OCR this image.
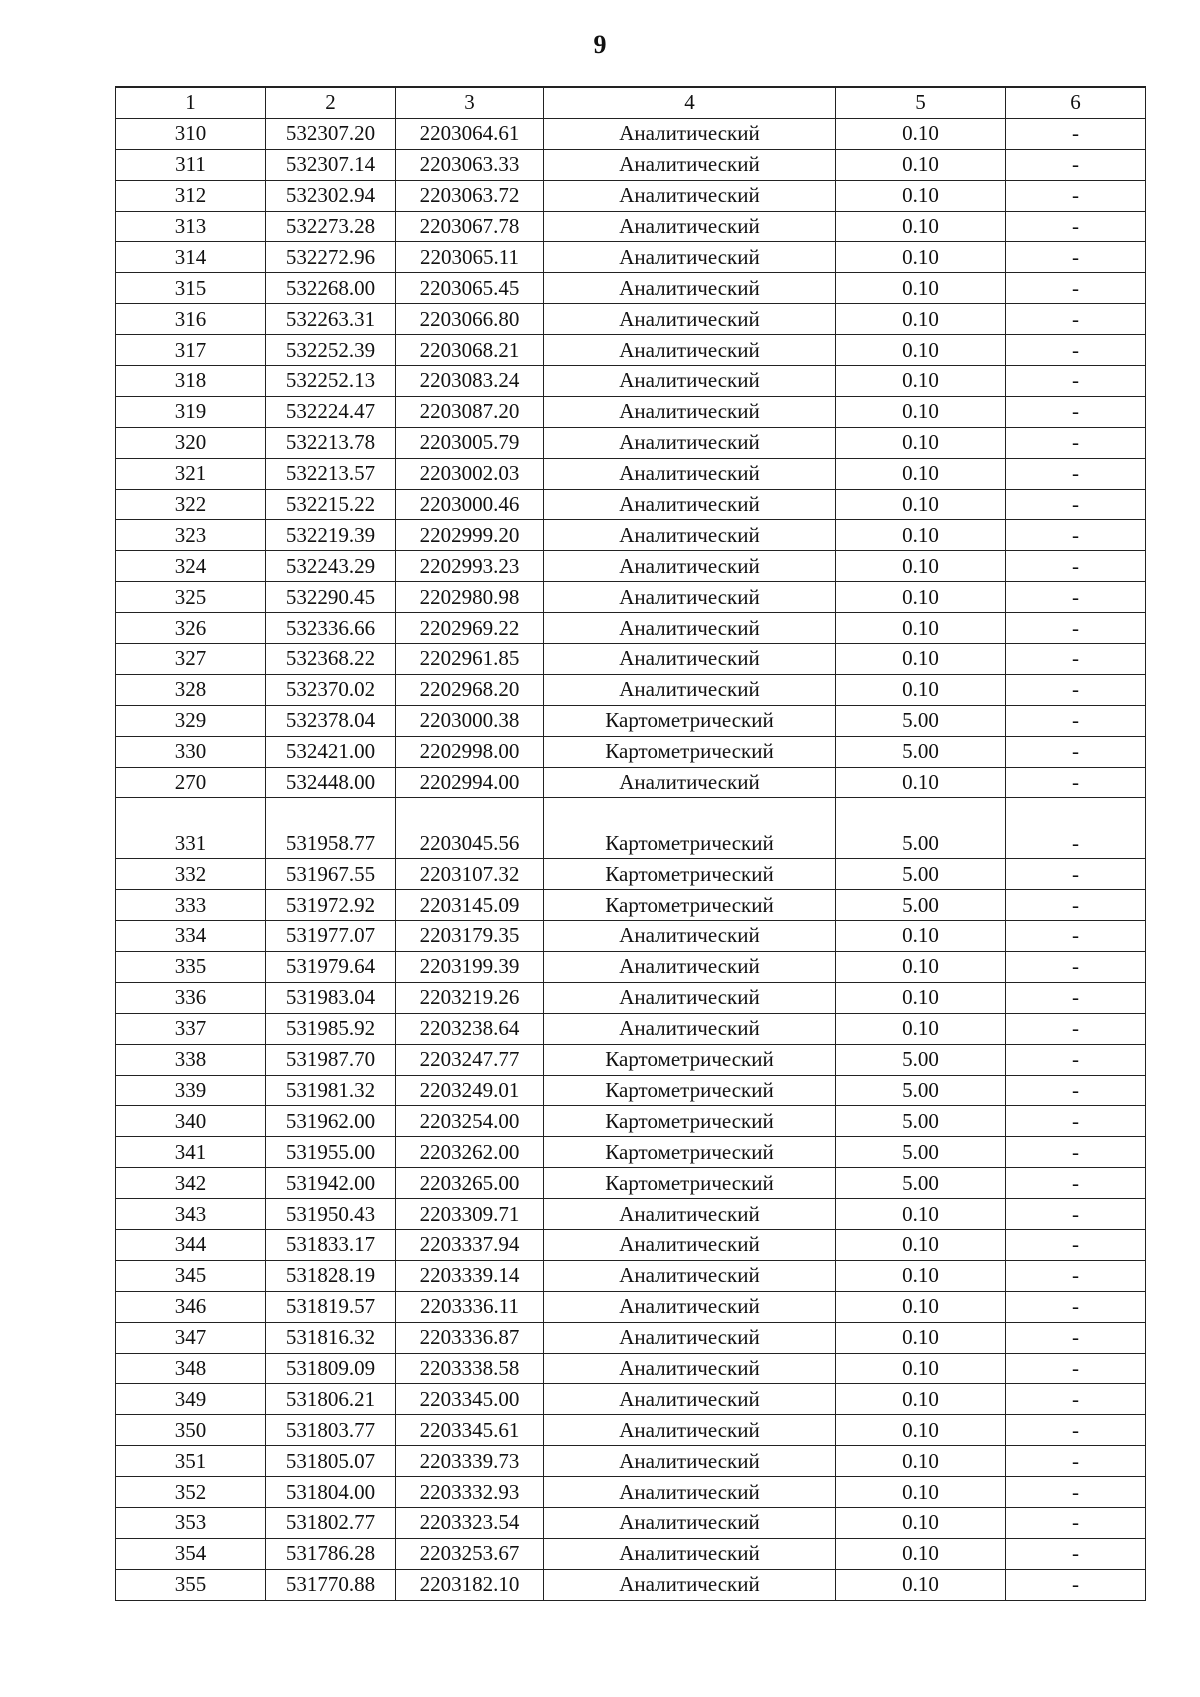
9
1	2	3	4	5	6
310	532307.20	2203064.61	Аналитический	0.10	-
311	532307.14	2203063.33	Аналитический	0.10	-
312	532302.94	2203063.72	Аналитический	0.10	-
313	532273.28	2203067.78	Аналитический	0.10	-
314	532272.96	2203065.11	Аналитический	0.10	-
315	532268.00	2203065.45	Аналитический	0.10	-
316	532263.31	2203066.80	Аналитический	0.10	-
317	532252.39	2203068.21	Аналитический	0.10	-
318	532252.13	2203083.24	Аналитический	0.10	-
319	532224.47	2203087.20	Аналитический	0.10	-
320	532213.78	2203005.79	Аналитический	0.10	-
321	532213.57	2203002.03	Аналитический	0.10	-
322	532215.22	2203000.46	Аналитический	0.10	-
323	532219.39	2202999.20	Аналитический	0.10	-
324	532243.29	2202993.23	Аналитический	0.10	-
325	532290.45	2202980.98	Аналитический	0.10	-
326	532336.66	2202969.22	Аналитический	0.10	-
327	532368.22	2202961.85	Аналитический	0.10	-
328	532370.02	2202968.20	Аналитический	0.10	-
329	532378.04	2203000.38	Картометрический	5.00	-
330	532421.00	2202998.00	Картометрический	5.00	-
270	532448.00	2202994.00	Аналитический	0.10	-

331	531958.77	2203045.56	Картометрический	5.00	-
332	531967.55	2203107.32	Картометрический	5.00	-
333	531972.92	2203145.09	Картометрический	5.00	-
334	531977.07	2203179.35	Аналитический	0.10	-
335	531979.64	2203199.39	Аналитический	0.10	-
336	531983.04	2203219.26	Аналитический	0.10	-
337	531985.92	2203238.64	Аналитический	0.10	-
338	531987.70	2203247.77	Картометрический	5.00	-
339	531981.32	2203249.01	Картометрический	5.00	-
340	531962.00	2203254.00	Картометрический	5.00	-
341	531955.00	2203262.00	Картометрический	5.00	-
342	531942.00	2203265.00	Картометрический	5.00	-
343	531950.43	2203309.71	Аналитический	0.10	-
344	531833.17	2203337.94	Аналитический	0.10	-
345	531828.19	2203339.14	Аналитический	0.10	-
346	531819.57	2203336.11	Аналитический	0.10	-
347	531816.32	2203336.87	Аналитический	0.10	-
348	531809.09	2203338.58	Аналитический	0.10	-
349	531806.21	2203345.00	Аналитический	0.10	-
350	531803.77	2203345.61	Аналитический	0.10	-
351	531805.07	2203339.73	Аналитический	0.10	-
352	531804.00	2203332.93	Аналитический	0.10	-
353	531802.77	2203323.54	Аналитический	0.10	-
354	531786.28	2203253.67	Аналитический	0.10	-
355	531770.88	2203182.10	Аналитический	0.10	-
